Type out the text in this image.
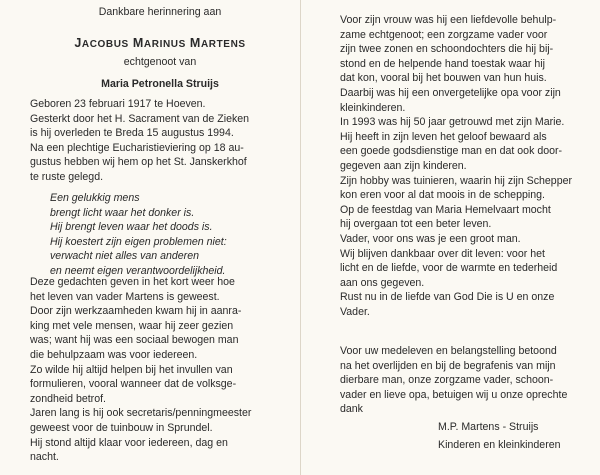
Dankbare herinnering aan
JACOBUS MARINUS MARTENS
echtgenoot van
Maria Petronella Struijs
Geboren 23 februari 1917 te Hoeven.
Gesterkt door het H. Sacrament van de Zieken
is hij overleden te Breda 15 augustus 1994.
Na een plechtige Eucharistieviering op 18 au-
gustus hebben wij hem op het St. Janskerkhof
te ruste gelegd.
Een gelukkig mens
brengt licht waar het donker is.
Hij brengt leven waar het doods is.
Hij koestert zijn eigen problemen niet:
verwacht niet alles van anderen
en neemt eigen verantwoordelijkheid.
Deze gedachten geven in het kort weer hoe
het leven van vader Martens is geweest.
Door zijn werkzaamheden kwam hij in aanra-
king met vele mensen, waar hij zeer gezien
was; want hij was een sociaal bewogen man
die behulpzaam was voor iedereen.
Zo wilde hij altijd helpen bij het invullen van
formulieren, vooral wanneer dat de volksge-
zondheid betrof.
Jaren lang is hij ook secretaris/penningmeester
geweest voor de tuinbouw in Sprundel.
Hij stond altijd klaar voor iedereen, dag en
nacht.
Voor zijn vrouw was hij een liefdevolle behulp-
zame echtgenoot; een zorgzame vader voor
zijn twee zonen en schoondochters die hij bij-
stond en de helpende hand toestak waar hij
dat kon, vooral bij het bouwen van hun huis.
Daarbij was hij een onvergetelijke opa voor zijn
kleinkinderen.
In 1993 was hij 50 jaar getrouwd met zijn Marie.
Hij heeft in zijn leven het geloof bewaard als
een goede godsdienstige man en dat ook door-
gegeven aan zijn kinderen.
Zijn hobby was tuinieren, waarin hij zijn Schepper
kon eren voor al dat moois in de schepping.
Op de feestdag van Maria Hemelvaart mocht
hij overgaan tot een beter leven.
Vader, voor ons was je een groot man.
Wij blijven dankbaar over dit leven: voor het
licht en de liefde, voor de warmte en tederheid
aan ons gegeven.
Rust nu in de liefde van God Die is U en onze
Vader.
Voor uw medeleven en belangstelling betoond
na het overlijden en bij de begrafenis van mijn
dierbare man, onze zorgzame vader, schoon-
vader en lieve opa, betuigen wij u onze oprechte
dank
M.P. Martens - Struijs
Kinderen en kleinkinderen
